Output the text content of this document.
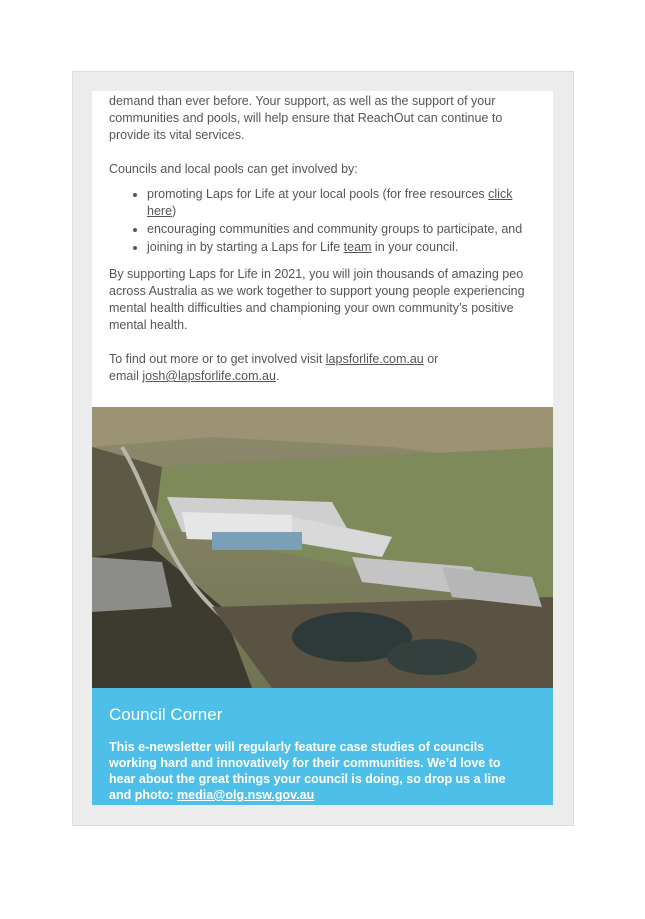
demand than ever before. Your support, as well as the support of your

communities and pools, will help ensure that ReachOut can continue to

provide its vital services.

Councils and local pools can get involved by:

• promoting Laps for Life at your local pools (for free resources click
here)
• encouraging communities and community groups to participate, and
• joining in by starting a Laps for Life team in your council.

By supporting Laps for Life in 2021, you will join thousands of amazing peo

across Australia as we work together to support young people experiencing

mental health difficulties and championing your own community’s positive

mental health.

To find out more or to get involved visit lapsforlife.com.au or

email josh@lapsforlife.com.au.

Council Corner
This e-newsletter will regularly feature case studies of councils
working hard and innovatively for their communities. We’d love to
hear about the great things your council is doing, so drop us a line
and photo: media@olg.nsw.gov.au
